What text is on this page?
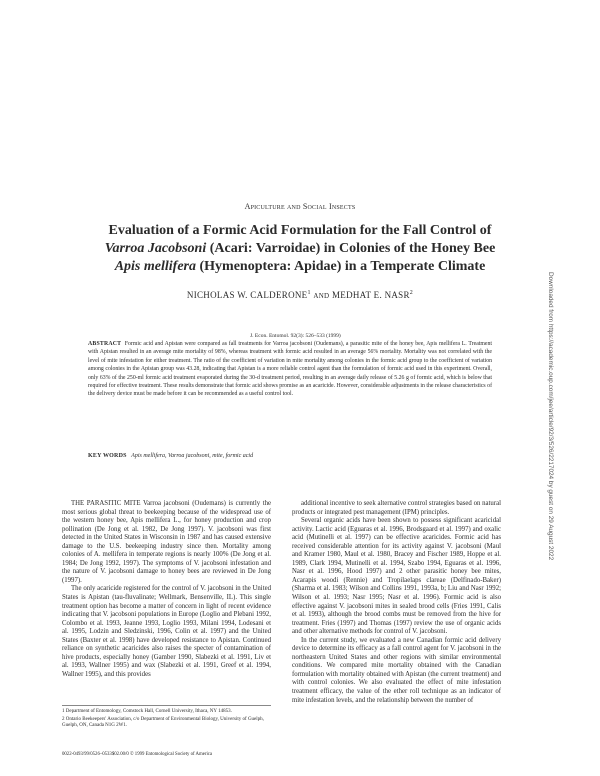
Apiculture and Social Insects
Evaluation of a Formic Acid Formulation for the Fall Control of
Varroa Jacobsoni (Acari: Varroidae) in Colonies of the Honey Bee
Apis mellifera (Hymenoptera: Apidae) in a Temperate Climate
NICHOLAS W. CALDERONE$^1$ AND MEDHAT E. NASR$^2$
J. Econ. Entomol. 92(3): 526–533 (1999)
ABSTRACT Formic acid and Apistan were compared as fall treatments for Varroa jacobsoni (Oudemans), a parasitic mite of the honey bee, Apis mellifera L. Treatment with Apistan resulted in an average mite mortality of 98%, whereas treatment with formic acid resulted in an average 56% mortality. Mortality was not correlated with the level of mite infestation for either treatment. The ratio of the coefficient of variation in mite mortality among colonies in the formic acid group to the coefficient of variation among colonies in the Apistan group was 43.28, indicating that Apistan is a more reliable control agent than the formulation of formic acid used in this experiment. Overall, only 63% of the 250-ml formic acid treatment evaporated during the 30-d treatment period, resulting in an average daily release of 5.26 g of formic acid, which is below that required for effective treatment. These results demonstrate that formic acid shows promise as an acaricide. However, considerable adjustments in the release characteristics of the delivery device must be made before it can be recommended as a useful control tool.
KEY WORDS Apis mellifera, Varroa jacobsoni, mite, formic acid

THE PARASITIC MITE Varroa jacobsoni (Oudemans) is currently the most serious global threat to beekeeping because of the widespread use of the western honey bee, Apis mellifera L., for honey production and crop pollination (De Jong et al. 1982, De Jong 1997). V. jacobsoni was first detected in the United States in Wisconsin in 1987 and has caused extensive damage to the U.S. beekeeping industry since then. Mortality among colonies of A. mellifera in temperate regions is nearly 100% (De Jong et al. 1984; De Jong 1992, 1997). The symptoms of V. jacobsoni infestation and the nature of V. jacobsoni damage to honey bees are reviewed in De Jong (1997).

The only acaricide registered for the control of V. jacobsoni in the United States is Apistan (tau-fluvalinate; Wellmark, Bensenville, IL). This single treatment option has become a matter of concern in light of recent evidence indicating that V. jacobsoni populations in Europe (Loglio and Plebani 1992, Colombo et al. 1993, Jeanne 1993, Loglio 1993, Milani 1994, Lodesani et al. 1995, Lodzin and Sledzinski, 1996, Colin et al. 1997) and the United States (Baxter et al. 1998) have developed resistance to Apistan. Continued reliance on synthetic acaricides also raises the specter of contamination of hive products, especially honey (Gamber 1990, Slabezki et al. 1991, Liv et al. 1993, Wallner 1995) and wax (Slabezki et al. 1991, Greef et al. 1994, Wallner 1995), and this provides

additional incentive to seek alternative control strategies based on natural products or integrated pest management (IPM) principles.

Several organic acids have been shown to possess significant acaricidal activity. Lactic acid (Eguaras et al. 1996, Brodsgaard et al. 1997) and oxalic acid (Mutinelli et al. 1997) can be effective acaricides. Formic acid has received considerable attention for its activity against V. jacobsoni (Maul and Kramer 1980, Maul et al. 1980, Bracey and Fischer 1989, Hoppe et al. 1989, Clark 1994, Mutinelli et al. 1994, Szabo 1994, Eguaras et al. 1996, Nasr et al. 1996, Hood 1997) and 2 other parasitic honey bee mites, Acarapis woodi (Rennie) and Tropilaelaps clareae (Delfinado-Baker) (Sharma et al. 1983; Wilson and Collins 1991, 1993a, b; Liu and Nasr 1992; Wilson et al. 1993; Nasr 1995; Nasr et al. 1996). Formic acid is also effective against V. jacobsoni mites in sealed brood cells (Fries 1991, Calis et al. 1993), although the brood combs must be removed from the hive for treatment. Fries (1997) and Thomas (1997) review the use of organic acids and other alternative methods for control of V. jacobsoni.

In the current study, we evaluated a new Canadian formic acid delivery device to determine its efficacy as a fall control agent for V. jacobsoni in the northeastern United States and other regions with similar environmental conditions. We compared mite mortality obtained with the Canadian formulation with mortality obtained with Apistan (the current treatment) and with control colonies. We also evaluated the effect of mite infestation treatment efficacy, the value of the ether roll technique as an indicator of mite infestation levels, and the relationship between the number of

1 Department of Entomology, Comstock Hall, Cornell University, Ithaca, NY 14853.

2 Ontario Beekeepers' Association, c/o Department of Environmental Biology, University of Guelph, Guelph, ON, Canada N1G 2W1.

0022-0493/99/0526–0533$02.00/0 © 1999 Entomological Society of America
Downloaded from https://academic.oup.com/jee/article/92/3/526/2217024 by guest on 29 August 2022
